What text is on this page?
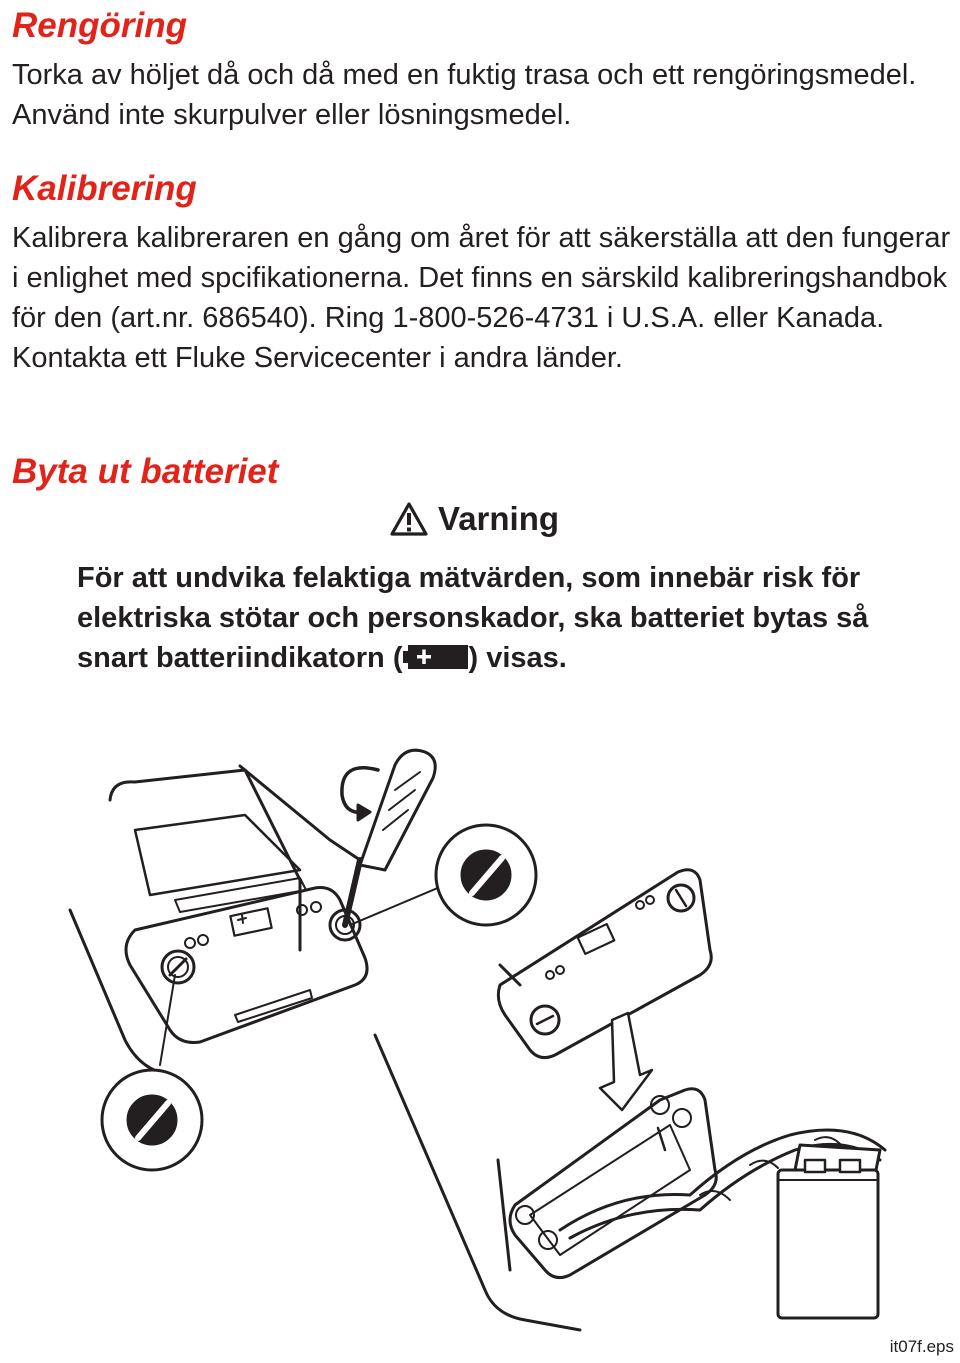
Rengöring

Torka av höljet då och då med en fuktig trasa och ett rengöringsmedel. Använd inte skurpulver eller lösningsmedel.

Kalibrering

Kalibrera kalibreraren en gång om året för att säkerställa att den fungerar i enlighet med spcifikationerna. Det finns en särskild kalibreringshandbok för den (art.nr. 686540). Ring 1-800-526-4731 i U.S.A. eller Kanada. Kontakta ett Fluke Servicecenter i andra länder.

Byta ut batteriet
Varning

För att undvika felaktiga mätvärden, som innebär risk för elektriska stötar och personskador, ska batteriet bytas så snart batteriindikatorn ( ) visas.

it07f.eps
